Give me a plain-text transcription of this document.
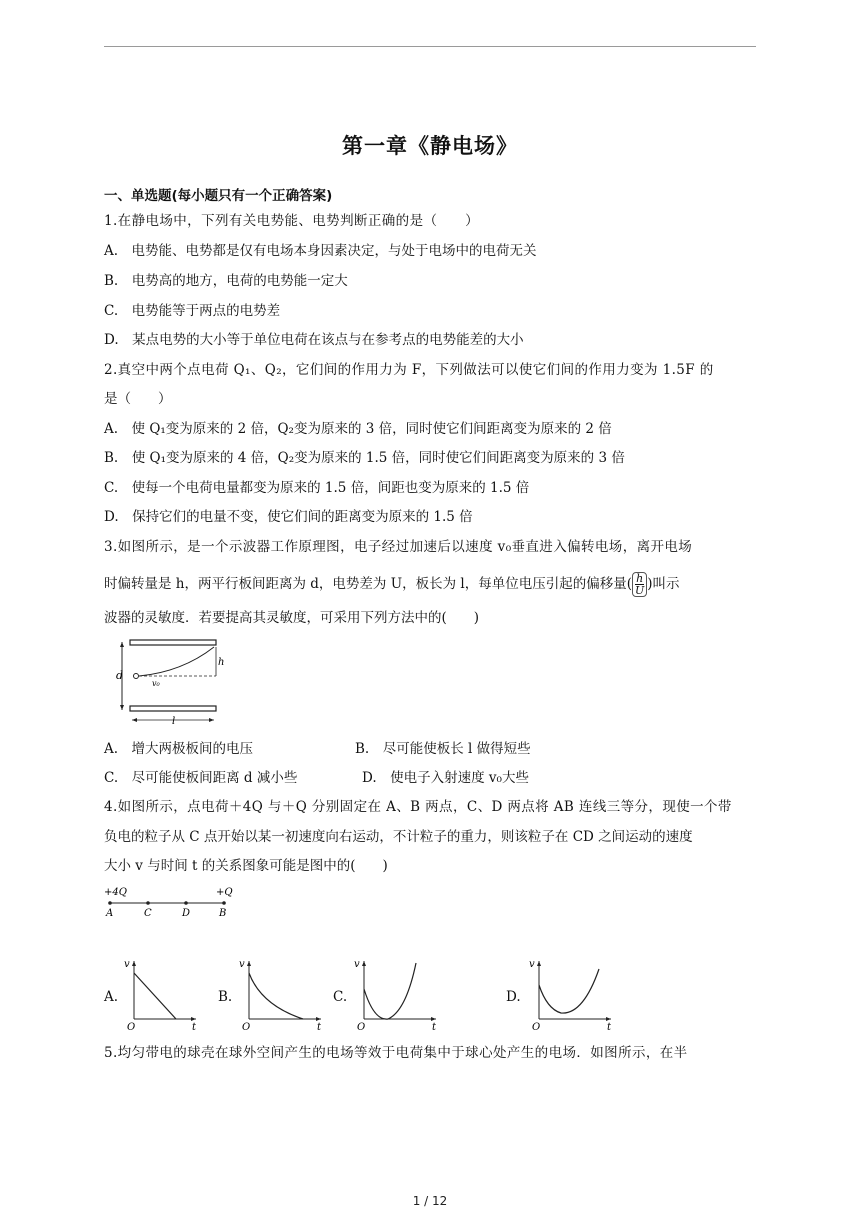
第一章《静电场》
一、单选题(每小题只有一个正确答案)
1.在静电场中，下列有关电势能、电势判断正确的是（　　）
A.　电势能、电势都是仅有电场本身因素决定，与处于电场中的电荷无关
B.　电势高的地方，电荷的电势能一定大
C.　电势能等于两点的电势差
D.　某点电势的大小等于单位电荷在该点与在参考点的电势能差的大小
2.真空中两个点电荷 Q₁、Q₂，它们间的作用力为 F，下列做法可以使它们间的作用力变为 1.5F 的
是（　　）
A.　使 Q₁变为原来的 2 倍，Q₂变为原来的 3 倍，同时使它们间距离变为原来的 2 倍
B.　使 Q₁变为原来的 4 倍，Q₂变为原来的 1.5 倍，同时使它们间距离变为原来的 3 倍
C.　使每一个电荷电量都变为原来的 1.5 倍，间距也变为原来的 1.5 倍
D.　保持它们的电量不变，使它们间的距离变为原来的 1.5 倍
3.如图所示，是一个示波器工作原理图，电子经过加速后以速度 v₀垂直进入偏转电场，离开电场
时偏转量是 h，两平行板间距离为 d，电势差为 U，板长为 l，每单位电压引起的偏移量( $\frac{h}{U}$ )叫示
波器的灵敏度．若要提高其灵敏度，可采用下列方法中的(　　)
d
h
v₀
l
A.　增大两极板间的电压	B.　尽可能使板长 l 做得短些
C.　尽可能使板间距离 d 减小些	D.　使电子入射速度 v₀大些
4.如图所示，点电荷＋4Q 与＋Q 分别固定在 A、B 两点，C、D 两点将 AB 连线三等分，现使一个带
负电的粒子从 C 点开始以某一初速度向右运动，不计粒子的重力，则该粒子在 CD 之间运动的速度
大小 v 与时间 t 的关系图象可能是图中的(　　)
+4Q	+Q
A	C	D	B
A.	B.	C.	D.
v
t
O
v
t
O
v
t
O
v
t
O
5.均匀带电的球壳在球外空间产生的电场等效于电荷集中于球心处产生的电场．如图所示，在半
1 / 12
